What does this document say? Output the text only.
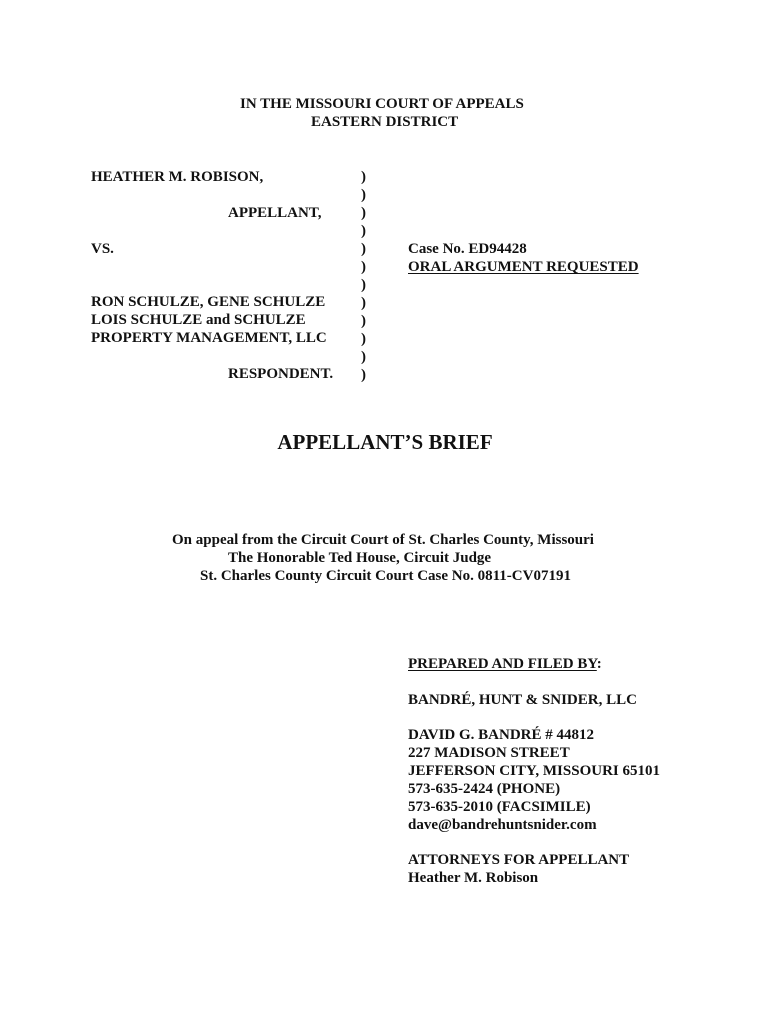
IN THE MISSOURI COURT OF APPEALS
EASTERN DISTRICT
HEATHER M. ROBISON,
APPELLANT,
VS.
RON SCHULZE, GENE SCHULZE
LOIS SCHULZE and SCHULZE
PROPERTY MANAGEMENT, LLC
RESPONDENT.
)
)
)
)
)
)
)
)
)
)
)
)
Case No. ED94428
ORAL ARGUMENT REQUESTED
APPELLANT’S BRIEF
On appeal from the Circuit Court of St. Charles County, Missouri
The Honorable Ted House, Circuit Judge
St. Charles County Circuit Court Case No. 0811-CV07191
PREPARED AND FILED BY:
BANDRÉ, HUNT & SNIDER, LLC
DAVID G. BANDRÉ # 44812
227 MADISON STREET
JEFFERSON CITY, MISSOURI 65101
573-635-2424 (PHONE)
573-635-2010 (FACSIMILE)
dave@bandrehuntsnider.com
ATTORNEYS FOR APPELLANT
Heather M. Robison
